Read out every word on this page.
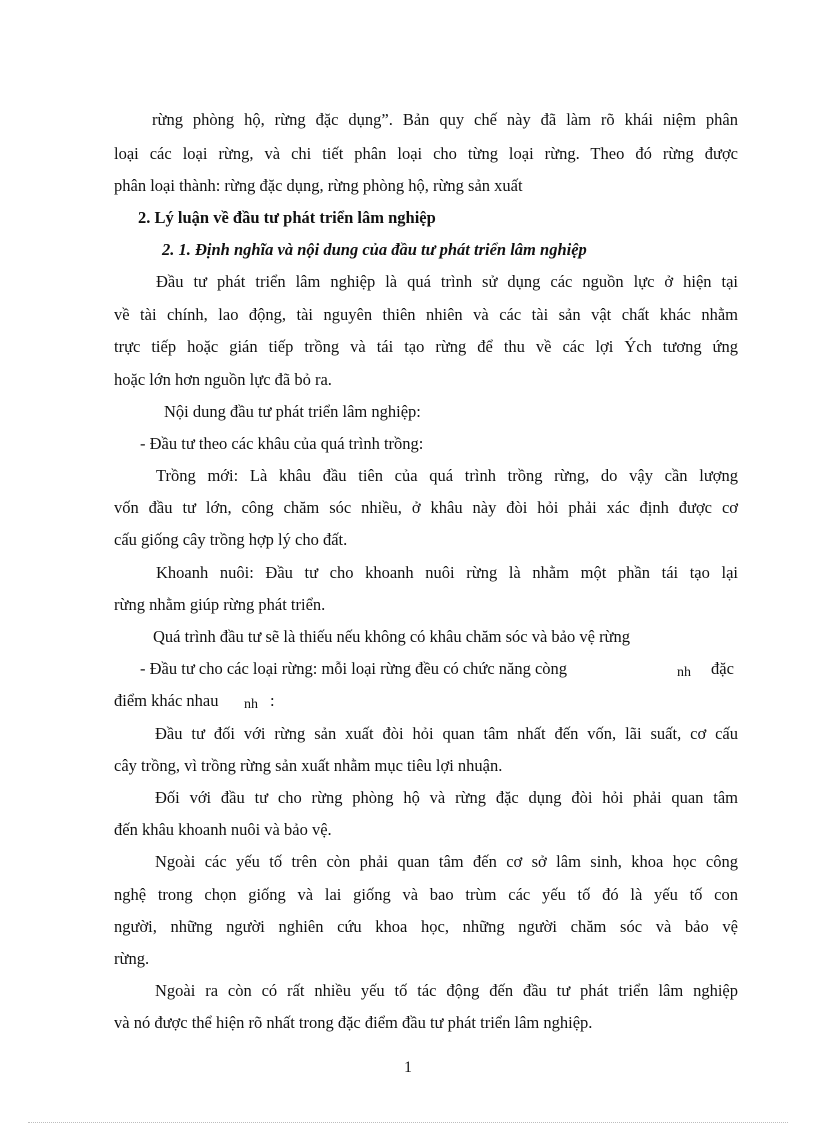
rừng phòng hộ, rừng đặc dụng”. Bản quy chế này đã làm rõ khái niệm phân
loại các loại rừng, và chi tiết phân loại cho từng loại rừng. Theo đó rừng được
phân loại thành: rừng đặc dụng, rừng phòng hộ, rừng sản xuất
2. Lý luận về đầu tư phát triển lâm nghiệp
2. 1. Định nghĩa và nội dung của đầu tư phát triển lâm nghiệp
Đầu tư phát triển lâm nghiệp là quá trình sử dụng các nguồn lực ở hiện tại
về tài chính, lao động, tài nguyên thiên nhiên và các tài sản vật chất khác nhằm
trực tiếp hoặc gián tiếp trồng và tái tạo rừng để thu về các lợi Ých tương ứng
hoặc lớn hơn nguồn lực đã bỏ ra.
Nội dung đầu tư phát triển lâm nghiệp:
- Đầu tư theo các khâu của quá trình trồng:
Trồng mới: Là khâu đầu tiên của quá trình trồng rừng, do vậy cần lượng
vốn đầu tư lớn, công chăm sóc nhiều, ở khâu này đòi hỏi phải xác định được cơ
cấu giống cây trồng hợp lý cho đất.
Khoanh nuôi: Đầu tư cho khoanh nuôi rừng là nhằm một phần tái tạo lại
rừng nhằm giúp rừng phát triển.
Quá trình đầu tư sẽ là thiếu nếu không có khâu chăm sóc và bảo vệ rừng
- Đầu tư cho các loại rừng: mỗi loại rừng đều có chức năng còng	đặc
nh
điểm khác nhau nh :
Đầu tư đối với rừng sản xuất đòi hỏi quan tâm nhất đến vốn, lãi suất, cơ cấu
cây trồng, vì trồng rừng sản xuất nhằm mục tiêu lợi nhuận.
Đối với đầu tư cho rừng phòng hộ và rừng đặc dụng đòi hỏi phải quan tâm
đến khâu khoanh nuôi và bảo vệ.
Ngoài các yếu tố trên còn phải quan tâm đến cơ sở lâm sinh, khoa học công
nghệ trong chọn giống và lai giống và bao trùm các yếu tố đó là yếu tố con
người, những người nghiên cứu khoa học, những người chăm sóc và bảo vệ
rừng.
Ngoài ra còn có rất nhiều yếu tố tác động đến đầu tư phát triển lâm nghiệp
và nó được thể hiện rõ nhất trong đặc điểm đầu tư phát triển lâm nghiệp.
1
